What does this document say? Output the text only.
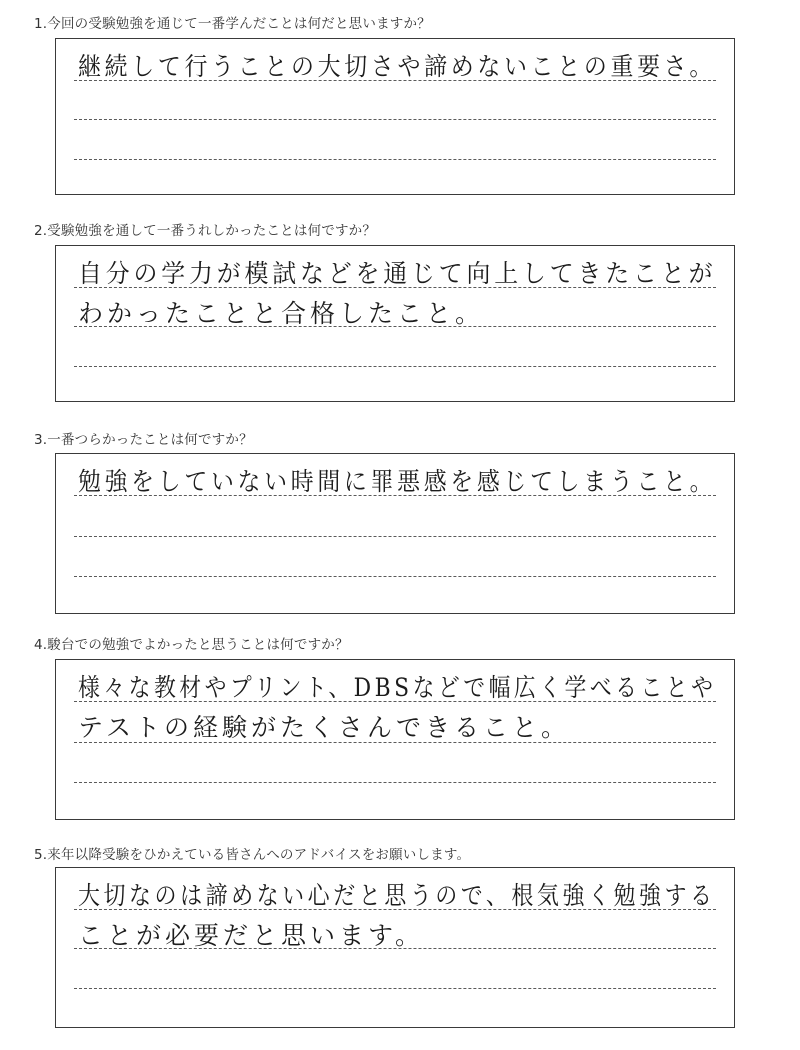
1.今回の受験勉強を通じて一番学んだことは何だと思いますか？
継続して行うことの大切さや諦めないことの重要さ。
2.受験勉強を通して一番うれしかったことは何ですか？
自分の学力が模試などを通じて向上してきたことが
わかったことと合格したこと。
3.一番つらかったことは何ですか？
勉強をしていない時間に罪悪感を感じてしまうこと。
4.駿台での勉強でよかったと思うことは何ですか？
様々な教材やプリント、DBSなどで幅広く学べることや
テストの経験がたくさんできること。
5.来年以降受験をひかえている皆さんへのアドバイスをお願いします。
大切なのは諦めない心だと思うので、根気強く勉強する
ことが必要だと思います。
